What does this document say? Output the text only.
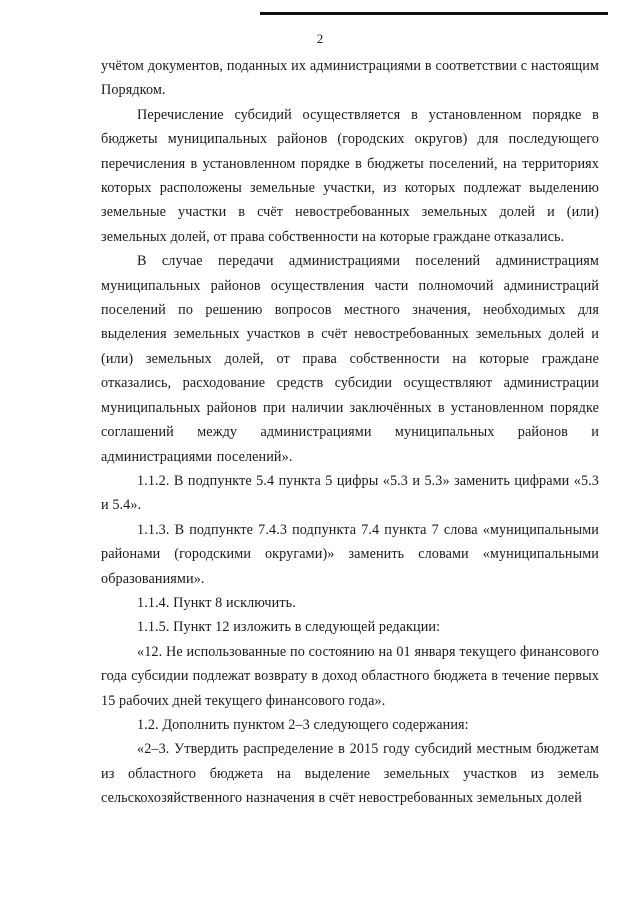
2

учётом документов, поданных их администрациями в соответствии с настоящим Порядком.

Перечисление субсидий осуществляется в установленном порядке в бюджеты муниципальных районов (городских округов) для последующего перечисления в установленном порядке в бюджеты поселений, на территориях которых расположены земельные участки, из которых подлежат выделению земельные участки в счёт невостребованных земельных долей и (или) земельных долей, от права собственности на которые граждане отказались.

В случае передачи администрациями поселений администрациям муниципальных районов осуществления части полномочий администраций поселений по решению вопросов местного значения, необходимых для выделения земельных участков в счёт невостребованных земельных долей и (или) земельных долей, от права собственности на которые граждане отказались, расходование средств субсидии осуществляют администрации муниципальных районов при наличии заключённых в установленном порядке соглашений между администрациями муниципальных районов и администрациями поселений».

1.1.2. В подпункте 5.4 пункта 5 цифры «5.3 и 5.3» заменить цифрами «5.3 и 5.4».

1.1.3. В подпункте 7.4.3 подпункта 7.4 пункта 7 слова «муниципальными районами (городскими округами)» заменить словами «муниципальными образованиями».

1.1.4. Пункт 8 исключить.

1.1.5. Пункт 12 изложить в следующей редакции:

«12. Не использованные по состоянию на 01 января текущего финансового года субсидии подлежат возврату в доход областного бюджета в течение первых 15 рабочих дней текущего финансового года».

1.2. Дополнить пунктом 2–3 следующего содержания:

«2–3. Утвердить распределение в 2015 году субсидий местным бюджетам из областного бюджета на выделение земельных участков из земель сельскохозяйственного назначения в счёт невостребованных земельных долей
